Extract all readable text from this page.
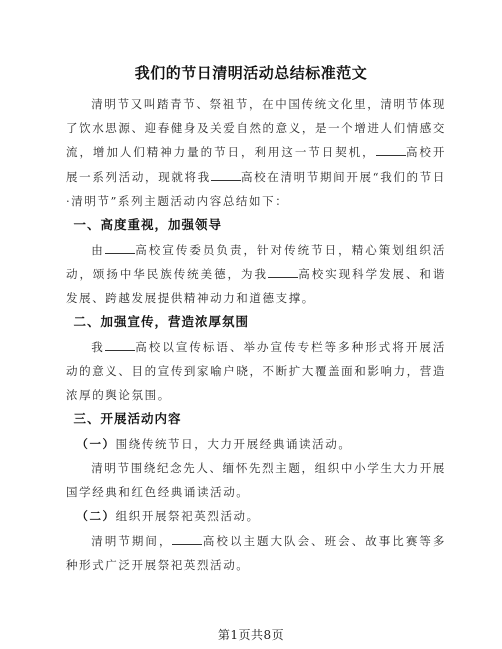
我们的节日清明活动总结标准范文

清明节又叫踏青节、祭祖节，在中国传统文化里，清明节体现了饮水思源、迎春健身及关爱自然的意义，是一个增进人们情感交流，增加人们精神力量的节日，利用这一节日契机，	高校开展一系列活动，现就将我	高校在清明节期间开展“我们的节日·清明节”系列主题活动内容总结如下：

一、高度重视，加强领导

由	高校宣传委员负责，针对传统节日，精心策划组织活动，颂扬中华民族传统美德，为我	高校实现科学发展、和谐发展、跨越发展提供精神动力和道德支撑。

二、加强宣传，营造浓厚氛围

我	高校以宣传标语、举办宣传专栏等多种形式将开展活动的意义、目的宣传到家喻户晓，不断扩大覆盖面和影响力，营造浓厚的舆论氛围。

三、开展活动内容

（一）围绕传统节日，大力开展经典诵读活动。

清明节围绕纪念先人、缅怀先烈主题，组织中小学生大力开展国学经典和红色经典诵读活动。

（二）组织开展祭祀英烈活动。

清明节期间，	高校以主题大队会、班会、故事比赛等多种形式广泛开展祭祀英烈活动。

第1页共8页
